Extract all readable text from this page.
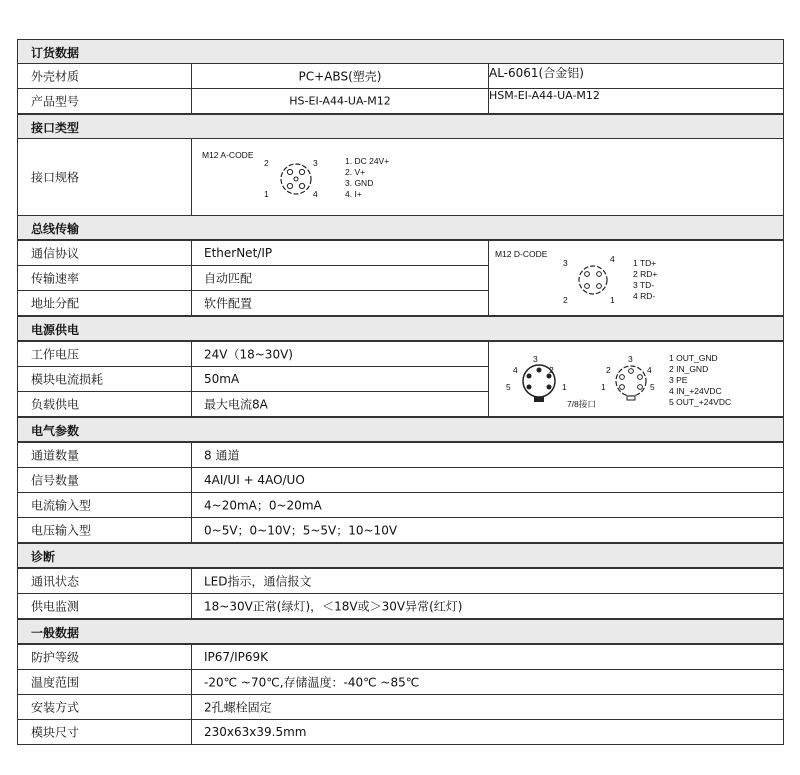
订货数据
外壳材质	PC+ABS(塑壳)	AL-6061(合金铝)
产品型号	HS-EI-A44-UA-M12	HSM-EI-A44-UA-M12
接口类型
接口规格
M12 A-CODE
1
2	3
4
1. DC 24V+
2. V+
3. GND
4. I+
总线传输
通信协议	EtherNet/IP
传输速率	自动匹配
地址分配	软件配置
M12 D-CODE
1
2
3	4 1 TD+
2 RD+
3 TD-
4 RD-
电源供电
工作电压	24V（18~30V)
模块电流损耗	50mA
负载供电	最大电流8A
3
2
1
4
5
7/8接口
3
2
1
4
5
1 OUT_GND
2 IN_GND
3 PE
4 IN_+24VDC
5 OUT_+24VDC
电气参数
通道数量	8 通道
信号数量	4AI/UI + 4AO/UO
电流输入型	4~20mA；0~20mA
电压输入型	0~5V；0~10V；5~5V；10~10V
诊断
通讯状态	LED指示，通信报文
供电监测	18~30V正常(绿灯)，＜18V或＞30V异常(红灯)
一般数据
防护等级	IP67/IP69K
温度范围	-20℃ ~70℃,存储温度：-40℃ ~85℃
安装方式	2孔螺栓固定
模块尺寸	230x63x39.5mm
